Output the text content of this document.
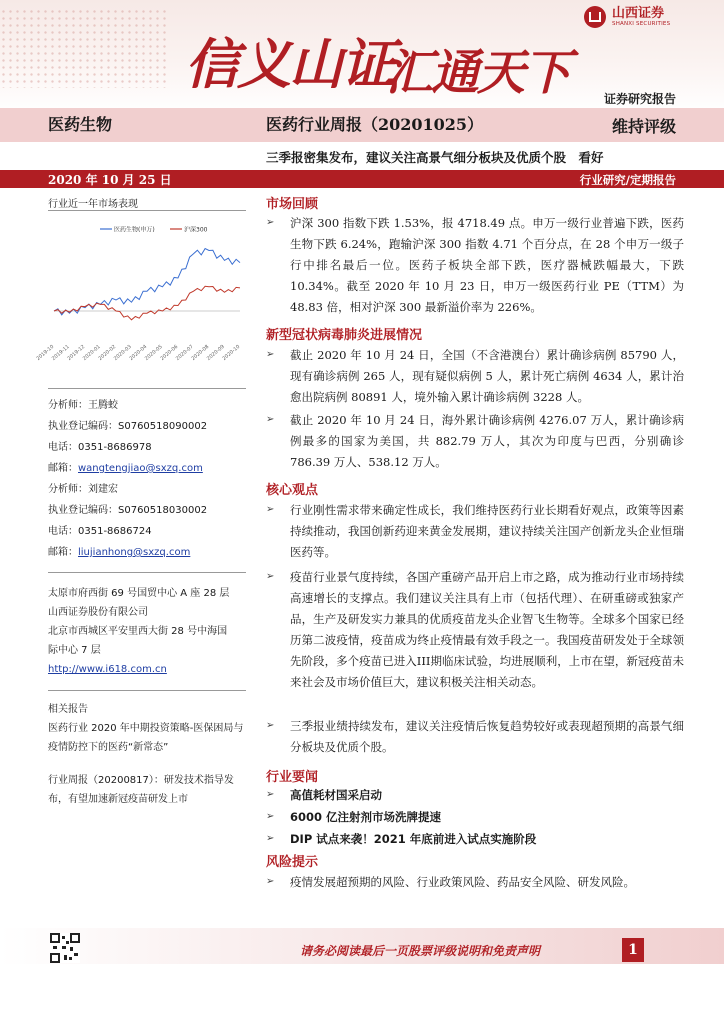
信义山证
汇通天下
山西证券
SHANXI SECURITIES
证券研究报告
医药生物	医药行业周报（20201025）	维持评级
三季报密集发布，建议关注高景气细分板块及优质个股　看好
2020 年 10 月 25 日	行业研究/定期报告
行业近一年市场表现
医药生物(申万)	沪深300
2019-10
2019-11
2019-12
2020-01
2020-02
2020-03
2020-04
2020-05
2020-06
2020-07
2020-08
2020-09
2020-10
分析师：王腾蛟
执业登记编码：S0760518090002
电话：0351-8686978
邮箱：wangtengjiao@sxzq.com
分析师：刘建宏
执业登记编码：S0760518030002
电话：0351-8686724
邮箱：liujianhong@sxzq.com
太原市府西街 69 号国贸中心 A 座 28 层
山西证券股份有限公司
北京市西城区平安里西大街 28 号中海国
际中心 7 层
http://www.i618.com.cn
相关报告
医药行业 2020 年中期投资策略-医保困局与疫情防控下的医药“新常态”
行业周报（20200817）：研发技术指导发布，有望加速新冠疫苗研发上市
市场回顾
➢ 沪深 300 指数下跌 1.53%，报 4718.49 点。申万一级行业普遍下跌，医药生物下跌 6.24%，跑输沪深 300 指数 4.71 个百分点，在 28 个申万一级子行中排名最后一位。医药子板块全部下跌，医疗器械跌幅最大，下跌 10.34%。截至 2020 年 10 月 23 日，申万一级医药行业 PE（TTM）为 48.83 倍，相对沪深 300 最新溢价率为 226%。
新型冠状病毒肺炎进展情况
➢ 截止 2020 年 10 月 24 日，全国（不含港澳台）累计确诊病例 85790 人，现有确诊病例 265 人，现有疑似病例 5 人，累计死亡病例 4634 人，累计治愈出院病例 80891 人，境外输入累计确诊病例 3228 人。
➢ 截止 2020 年 10 月 24 日，海外累计确诊病例 4276.07 万人，累计确诊病例最多的国家为美国，共 882.79 万人，其次为印度与巴西，分别确诊 786.39 万人、538.12 万人。
核心观点
➢ 行业刚性需求带来确定性成长，我们维持医药行业长期看好观点，政策等因素持续推动，我国创新药迎来黄金发展期，建议持续关注国产创新龙头企业恒瑞医药等。
➢ 疫苗行业景气度持续，各国产重磅产品开启上市之路，成为推动行业市场持续高速增长的支撑点。我们建议关注具有上市（包括代理）、在研重磅或独家产品，生产及研发实力兼具的优质疫苗龙头企业智飞生物等。全球多个国家已经历第二波疫情，疫苗成为终止疫情最有效手段之一。我国疫苗研发处于全球领先阶段，多个疫苗已进入III期临床试验，均进展顺利，上市在望，新冠疫苗未来社会及市场价值巨大，建议积极关注相关动态。
➢ 三季报业绩持续发布，建议关注疫情后恢复趋势较好或表现超预期的高景气细分板块及优质个股。
行业要闻
➢ 高值耗材国采启动
➢ 6000 亿注射剂市场洗牌提速
➢ DIP 试点来袭！2021 年底前进入试点实施阶段
风险提示
➢ 疫情发展超预期的风险、行业政策风险、药品安全风险、研发风险。
请务必阅读最后一页股票评级说明和免责声明	1
